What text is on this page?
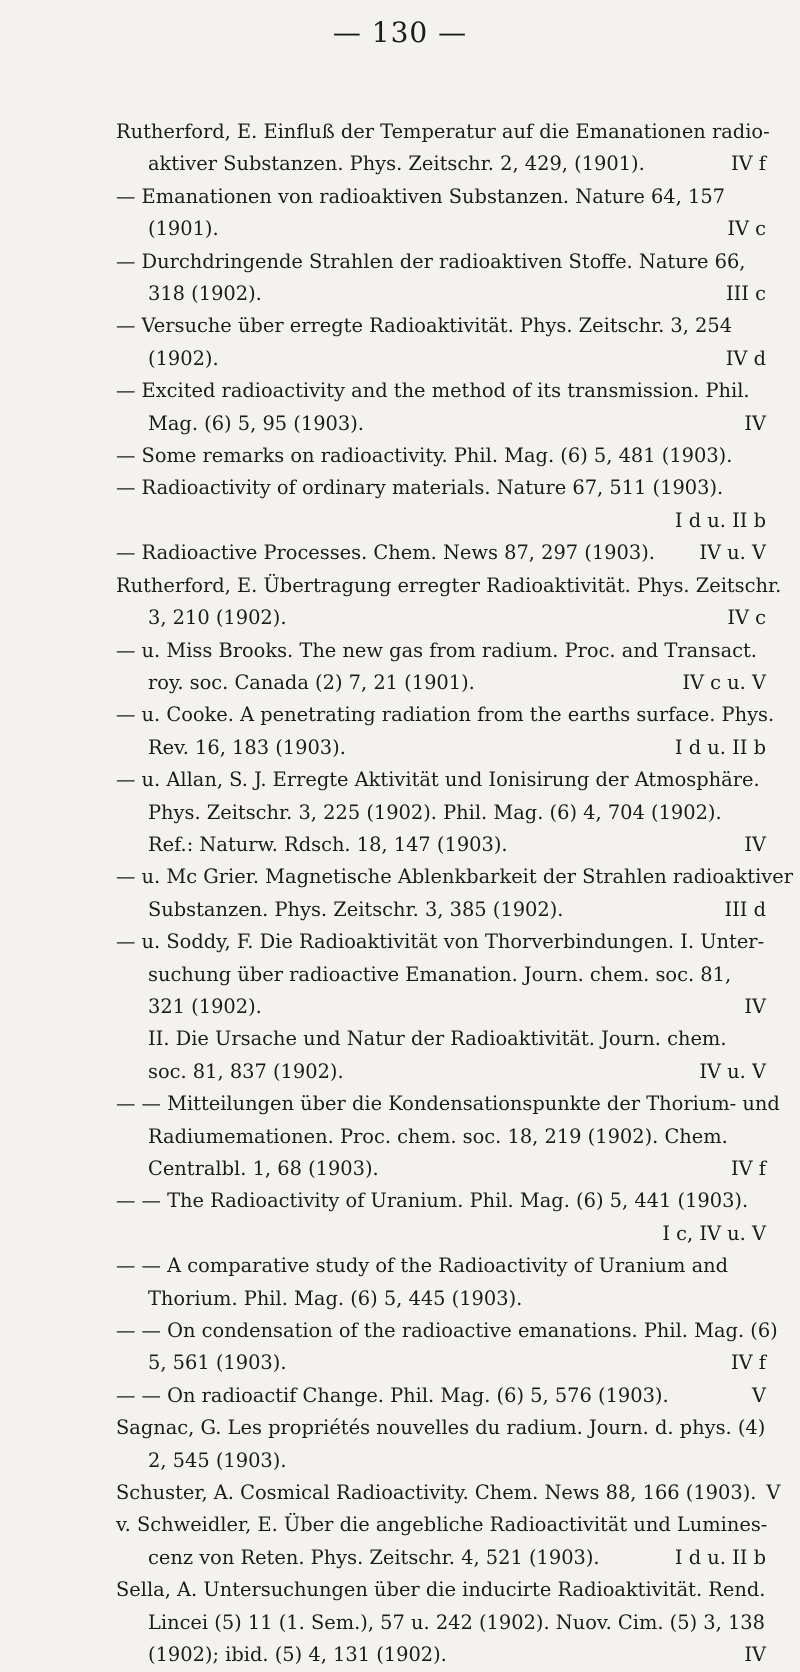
— 130 —
Rutherford, E. Einfluß der Temperatur auf die Emanationen radio-
aktiver Substanzen. Phys. Zeitschr. 2, 429, (1901).	IV f
— Emanationen von radioaktiven Substanzen. Nature 64, 157
(1901).	IV c
— Durchdringende Strahlen der radioaktiven Stoffe. Nature 66,
318 (1902).	III c
— Versuche über erregte Radioaktivität. Phys. Zeitschr. 3, 254
(1902).	IV d
— Excited radioactivity and the method of its transmission. Phil.
Mag. (6) 5, 95 (1903).	IV
— Some remarks on radioactivity. Phil. Mag. (6) 5, 481 (1903).
— Radioactivity of ordinary materials. Nature 67, 511 (1903).
I d u. II b
— Radioactive Processes. Chem. News 87, 297 (1903).	IV u. V
Rutherford, E. Übertragung erregter Radioaktivität. Phys. Zeitschr.
3, 210 (1902).	IV c
— u. Miss Brooks. The new gas from radium. Proc. and Transact.
roy. soc. Canada (2) 7, 21 (1901).	IV c u. V
— u. Cooke. A penetrating radiation from the earths surface. Phys.
Rev. 16, 183 (1903).	I d u. II b
— u. Allan, S. J. Erregte Aktivität und Ionisirung der Atmosphäre.
Phys. Zeitschr. 3, 225 (1902). Phil. Mag. (6) 4, 704 (1902).
Ref.: Naturw. Rdsch. 18, 147 (1903).	IV
— u. Mc Grier. Magnetische Ablenkbarkeit der Strahlen radioaktiver
Substanzen. Phys. Zeitschr. 3, 385 (1902).	III d
— u. Soddy, F. Die Radioaktivität von Thorverbindungen. I. Unter-
suchung über radioactive Emanation. Journ. chem. soc. 81,
321 (1902).	IV
II. Die Ursache und Natur der Radioaktivität. Journ. chem.
soc. 81, 837 (1902).	IV u. V
— — Mitteilungen über die Kondensationspunkte der Thorium- und
Radiumemationen. Proc. chem. soc. 18, 219 (1902). Chem.
Centralbl. 1, 68 (1903).	IV f
— — The Radioactivity of Uranium. Phil. Mag. (6) 5, 441 (1903).
I c, IV u. V
— — A comparative study of the Radioactivity of Uranium and
Thorium. Phil. Mag. (6) 5, 445 (1903).
— — On condensation of the radioactive emanations. Phil. Mag. (6)
5, 561 (1903).	IV f
— — On radioactif Change. Phil. Mag. (6) 5, 576 (1903).	V
Sagnac, G. Les propriétés nouvelles du radium. Journ. d. phys. (4)
2, 545 (1903).
Schuster, A. Cosmical Radioactivity. Chem. News 88, 166 (1903). V
v. Schweidler, E. Über die angebliche Radioactivität und Lumines-
cenz von Reten. Phys. Zeitschr. 4, 521 (1903).	I d u. II b
Sella, A. Untersuchungen über die inducirte Radioaktivität. Rend.
Lincei (5) 11 (1. Sem.), 57 u. 242 (1902). Nuov. Cim. (5) 3, 138
(1902); ibid. (5) 4, 131 (1902).	IV
